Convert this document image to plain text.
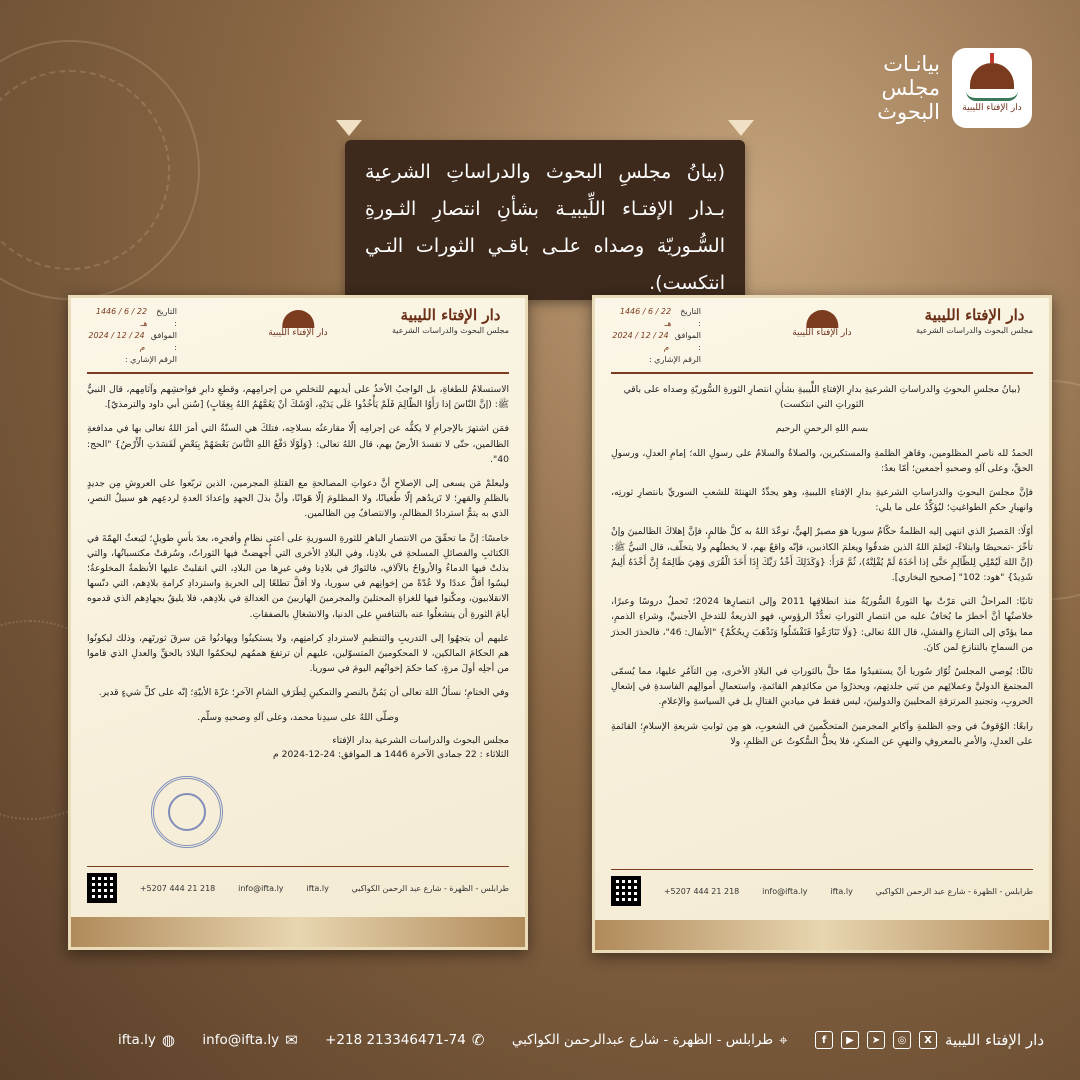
دار الإفتاء الليبية
بيانـات
مجلس
البحوث
(بيانُ مجلسِ البحوث والدراساتِ الشرعية بـدار الإفتـاء اللِّيبيـة بشأنِ انتصارِ الثـورةِ السُّـوريّة وصداه علـى باقـي الثورات التـي انتكست).
دار الإفتاء الليبية
مجلس البحوث والدراسات الشرعية
دار الإفتاء الليبية
التاريخ :
22 / 6 / 1446 هـ
الموافق :
24 / 12 / 2024 م
الرقم الإشاري :

(بيانُ مجلسِ البحوثِ والدراساتِ الشرعيةِ بدارِ الإفتاءِ اللِّيبيةِ بشأنِ انتصارِ الثورةِ السُّوريّةِ وصداه على باقي الثوراتِ التي انتكست)

بسم اللهِ الرحمنِ الرحيم

الحمدُ لله ناصرِ المظلومين، وقاهرِ الظلمةِ والمستكبرين، والصلاةُ والسلامُ على رسولِ الله؛ إمامِ العدلِ، ورسولِ الحقِّ، وعلى آلهِ وصحبهِ أجمعين؛ أمّا بعدُ:

فإنَّ مجلسَ البحوثِ والدراساتِ الشرعيةِ بدارِ الإفتاءِ الليبيةِ، وهو يجدِّدُ التهنئةَ للشعبِ السوريِّ بانتصارِ ثورتِه، وانهيارِ حكمِ الطواغيتِ؛ ليُؤكِّدُ على ما يلي:

أوّلًا: المَصيرُ الذي انتهى إليه الظلمةُ حكّامُ سوريا هوَ مصيرٌ إلهيٌّ، توعّدَ اللهُ به كلَّ ظالمٍ، فإنَّ إهلاكَ الظالمينَ وإنْ تأخّرَ -تمحيصًا وابتلاءً- ليَعلمَ اللهُ الذين صَدقُوا ويعلمَ الكاذبين، فإنّه واقعٌ بهم، لا يخطئُهم ولا يتخلّف، قال النبيُّ ﷺ: (إنَّ اللهَ لَيُمْلِي لِلظّالِمِ حَتَّى إذا أخَذَهُ لَمْ يُفْلِتْهُ)، ثُمَّ قَرَأَ: {وَكَذَلِكَ أَخْذُ رَبِّكَ إِذَا أَخَذَ الْقُرَى وَهِيَ ظَالِمَةٌ إِنَّ أَخْذَهُ أَلِيمٌ شَدِيدٌ} "هود: 102" [صحيح البخاري].

ثانيًا: المراحلُ التي مَرّتْ بها الثورةُ السُّوريّةُ منذ انطلاقِها 2011 وإلى انتصارِها 2024؛ تَحملُ دروسًا وعبرًا، خلاصتُها أنَّ أخطرَ ما يُخافُ عليه من انتصارِ الثوراتِ تعدُّدُ الرؤوسِ، فهو الذريعةُ للتدخلِ الأجنبيِّ، وشراءِ الذممِ، مما يؤدّي إلى التنازعِ والفشلِ، قال اللهُ تعالى: {وَلَا تَنَازَعُوا فَتَفْشَلُوا وَتَذْهَبَ رِيحُكُمْ} "الأنفال: 46"، فالحذرَ الحذرَ من السماحِ بالتنازعِ لمن كانَ.

ثالثًا: يُوصي المجلسُ ثُوّارَ سُوريا أنْ يستفيدُوا ممّا حلَّ بالثوراتِ في البلادِ الأخرى، مِن التآمُرِ عليها، مما يُسمّى المجتمعَ الدوليَّ وعملائِهم من بَني جلدتِهم، ويحذرُوا من مكائدِهم القائمةِ، واستعمالِ أموالِهم الفاسدةِ في إشعالِ الحروبِ، وتجنيدِ المرتزقةِ المحليينَ والدوليينَ، ليس فقط في ميادينِ القتالِ بل في السياسةِ والإعلامِ.

رابعًا: الوُقوفُ في وجهِ الظلمةِ وأكابرِ المجرمينَ المتحكّمينَ في الشعوبِ، هو مِن ثوابتِ شريعةِ الإسلامِ؛ القائمةِ على العدلِ، والأمرِ بالمعروفِ والنهيِ عن المنكرِ، فلا يحلُّ السُّكوتُ عن الظلمِ، ولا

طرابلس - الظهرة - شارع عبد الرحمن الكواكبي
ifta.ly
info@ifta.ly
218 21 444 5207+
دار الإفتاء الليبية
مجلس البحوث والدراسات الشرعية
دار الإفتاء الليبية
التاريخ :
22 / 6 / 1446 هـ
الموافق :
24 / 12 / 2024 م
الرقم الإشاري :

الاستسلامُ للطغاةِ، بل الواجبُ الأخذُ على أيديهم للتخلصِ من إجرامِهم، وقطعِ دابرِ فواحشِهم وآثامِهم، قال النبيُّ ﷺ: (إنَّ النّاسَ إذا رَأَوُا الظّالِمَ فَلَمْ يَأْخُذُوا عَلَى يَدَيْهِ، أوْشَكَ أنْ يَعُمَّهُمُ اللهُ بِعِقَابٍ) [سُنن أبي داود والترمذيّ].

فمَن اشتهرَ بالإجرامِ لا يكفُّه عن إجرامِه إلّا مقارعتُه بسلاحِه، فتلكَ هي السنّةُ التي أمرَ اللهُ تعالى بها في مدافعةِ الظالمين، حتّى لا تفسدَ الأرضُ بهم، قال اللهُ تعالى: {وَلَوْلَا دَفْعُ اللهِ النَّاسَ بَعْضَهُمْ بِبَعْضٍ لَفَسَدَتِ الْأَرْضُ} "الحج: 40".

وليعلمْ مَن يسعى إلى الإصلاحِ أنَّ دعواتِ المصالحةِ مع القتلةِ المجرمين، الذين تربّعوا على العروشِ مِن جديدٍ بالظلمِ والقهرِ؛ لا تَزيدُهم إلّا طُغيانًا، ولا المظلومَ إلّا هَوانًا، وأنَّ بذلَ الجهدِ وإعدادَ العدةِ لردعِهم هو سبيلُ النصرِ، الذي به يتمُّ استردادُ المظالمِ، والانتصافُ مِن الظالمين.

خامسًا: إنَّ ما تحقّقَ من الانتصارِ الباهرِ للثورةِ السوريةِ على أعتى نظامٍ وأفجرِه، بعدَ بأسٍ طويلٍ؛ ليَبعثُ الهمّةَ في الكتائبِ والفصائلِ المسلحةِ في بلادِنا، وفي البلادِ الأخرى التي أُجهضتْ فيها الثوراتُ، وسُرقتْ مكتسباتُها، والتي بذلتْ فيها الدماءُ والأرواحُ بالآلافِ، فالثوارُ في بلادِنا وفي غيرِها من البلادِ، التي انقلبتْ عليها الأنظمةُ المخلوعةُ؛ ليسُوا أقلَّ عددًا ولا عُدّةً من إخوانِهم في سوريا، ولا أقلَّ تطلعًا إلى الحريةِ واستردادِ كرامةِ بلادِهم، التي دنّسها الانقلابيون، ومكّنوا فيها للغزاةِ المحتلينَ والمجرمينَ الهاربينَ من العدالةِ في بلادِهم، فلا يليقُ بجهادِهم الذي قدموه أيامَ الثورةِ أن ينشغلُوا عنه بالتنافسِ على الدنيا، والانشغالِ بالصفقاتِ.

عليهم أن يتجهُوا إلى التدريبِ والتنظيمِ لاستردادِ كرامتِهم، ولا يستكينُوا ويهادنُوا مَن سرقَ ثورتَهم، وذلك ليكونُوا هم الحكامَ المالكين، لا المحكومينَ المتسوّلين، عليهم أن ترتفعَ هممُهم ليحكمُوا البلادَ بالحقِّ والعدلِ الذي قاموا من أجلِه أولَ مرةٍ، كما حكمَ إخوانُهم اليومَ في سوريا.

وفي الختامِ؛ نسألُ اللهَ تعالى أن يَمُنَّ بالنصرِ والتمكينِ لِطَرَفِ الشامِ الآخرِ؛ غزّةَ الأبيّةِ؛ إنّه على كلِّ شيءٍ قدير.

وصلّى اللهُ على سيدِنا محمد، وعلى آلهِ وصحبهِ وسلّم.

مجلس البحوث والدراسات الشرعية بدار الإفتاء
الثلاثاء : 22 جمادى الآخرة 1446 هـ الموافق: 24-12-2024 م
طرابلس - الظهرة - شارع عبد الرحمن الكواكبي
ifta.ly
info@ifta.ly
218 21 444 5207+
دار الإفتاء الليبية
X
◎
➤
▶
f
⌖
طرابلس - الظهرة - شارع عبدالرحمن الكواكبي
✆
+218 213346471-74
✉
info@ifta.ly
◍
ifta.ly
